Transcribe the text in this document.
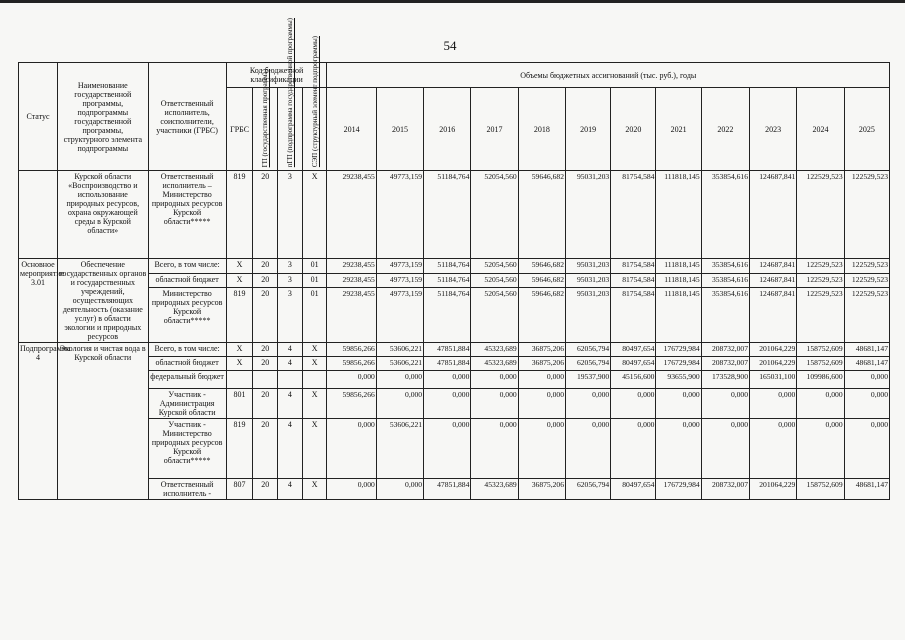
54
Статус	Наименование государственной программы, подпрограммы государственной программы, структурного элемента подпрограммы	Ответственный исполнитель, соисполнители, участники (ГРБС)	Код бюджетной классификации				Объемы бюджетных ассигнований (тыс. руб.), годы											
			ГРБС	ГП (государственная программа)	пГП (подпрограмма государственной программы)	СЭП (структурный элемент подпрограммы)	2014	2015	2016	2017	2018	2019	2020	2021	2022	2023	2024	2025
	Курской области «Воспроизводство и использование природных ресурсов, охрана окружающей среды в Курской области»	Ответственный исполнитель – Министерство природных ресурсов Курской области*****	819	20	3	Х	29238,455	49773,159	51184,764	52054,560	59646,682	95031,203	81754,584	111818,145	353854,616	124687,841	122529,523	122529,523
Основное мероприятие 3.01	Обеспечение государственных органов и государственных учреждений, осуществляющих деятельность (оказание услуг) в области экологии и природных ресурсов	Всего, в том числе:	Х	20	3	01	29238,455	49773,159	51184,764	52054,560	59646,682	95031,203	81754,584	111818,145	353854,616	124687,841	122529,523	122529,523
		областной бюджет	Х	20	3	01	29238,455	49773,159	51184,764	52054,560	59646,682	95031,203	81754,584	111818,145	353854,616	124687,841	122529,523	122529,523
		Министерство природных ресурсов Курской области*****	819	20	3	01	29238,455	49773,159	51184,764	52054,560	59646,682	95031,203	81754,584	111818,145	353854,616	124687,841	122529,523	122529,523
Подпрограмма 4	Экология и чистая вода в Курской области	Всего, в том числе:	Х	20	4	Х	59856,266	53606,221	47851,884	45323,689	36875,206	62056,794	80497,654	176729,984	208732,007	201064,229	158752,609	48681,147
		областной бюджет	Х	20	4	Х	59856,266	53606,221	47851,884	45323,689	36875,206	62056,794	80497,654	176729,984	208732,007	201064,229	158752,609	48681,147
		федеральный бюджет					0,000	0,000	0,000	0,000	0,000	19537,900	45156,600	93655,900	173528,900	165031,100	109986,600	0,000
		Участник - Администрация Курской области	801	20	4	Х	59856,266	0,000	0,000	0,000	0,000	0,000	0,000	0,000	0,000	0,000	0,000	0,000
		Участник - Министерство природных ресурсов Курской области*****	819	20	4	Х	0,000	53606,221	0,000	0,000	0,000	0,000	0,000	0,000	0,000	0,000	0,000	0,000
		Ответственный исполнитель -	807	20	4	Х	0,000	0,000	47851,884	45323,689	36875,206	62056,794	80497,654	176729,984	208732,007	201064,229	158752,609	48681,147
